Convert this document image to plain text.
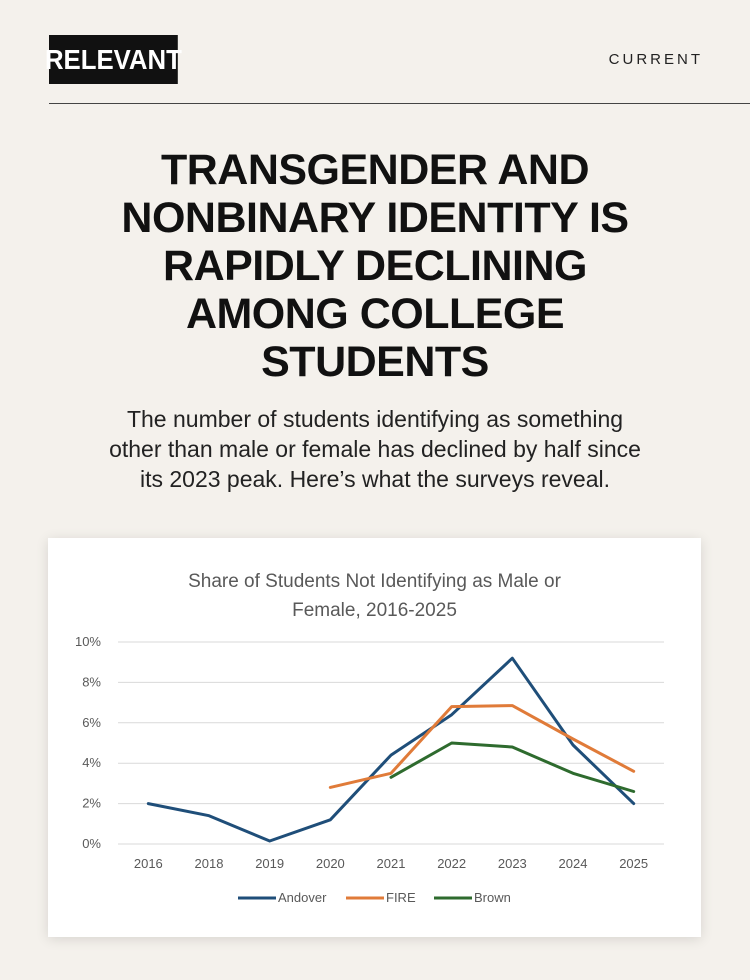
RELEVANT	CURRENT
TRANSGENDER AND
NONBINARY IDENTITY IS
RAPIDLY DECLINING
AMONG COLLEGE
STUDENTS

The number of students identifying as something
other than male or female has declined by half since
its 2023 peak. Here’s what the surveys reveal.

Share of Students Not Identifying as Male or
Female, 2016-2025
0%
2%
4%
6%
8%
10%
2016 2018 2019 2020 2021 2022 2023 2024 2025
Andover	FIRE	Brown
